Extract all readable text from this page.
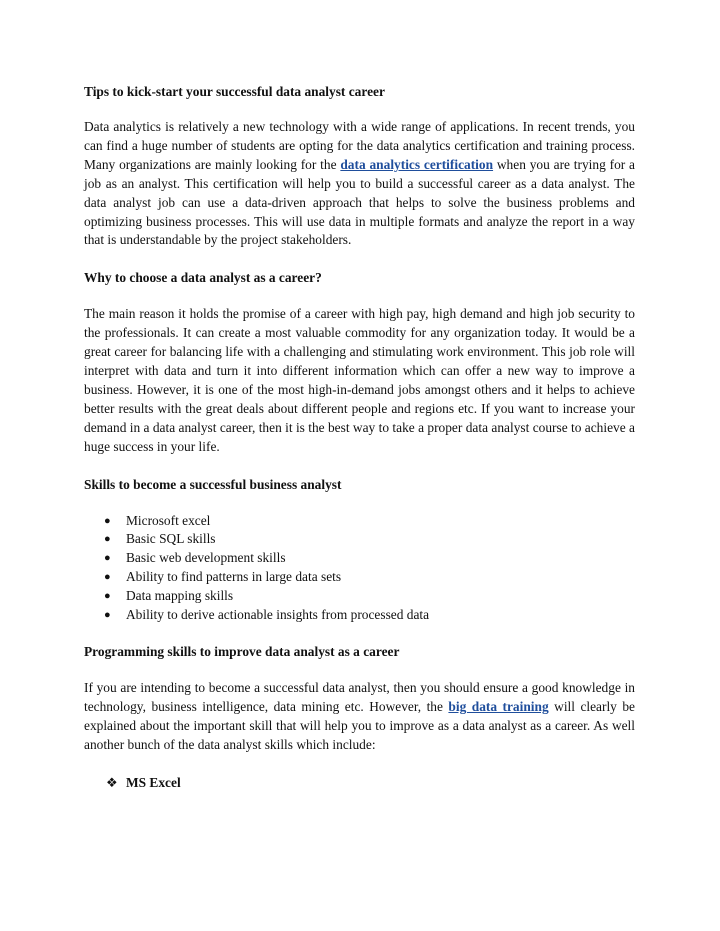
Tips to kick-start your successful data analyst career

Data analytics is relatively a new technology with a wide range of applications. In recent trends, you can find a huge number of students are opting for the data analytics certification and training process. Many organizations are mainly looking for the data analytics certification when you are trying for a job as an analyst. This certification will help you to build a successful career as a data analyst. The data analyst job can use a data-driven approach that helps to solve the business problems and optimizing business processes. This will use data in multiple formats and analyze the report in a way that is understandable by the project stakeholders.

Why to choose a data analyst as a career?

The main reason it holds the promise of a career with high pay, high demand and high job security to the professionals. It can create a most valuable commodity for any organization today. It would be a great career for balancing life with a challenging and stimulating work environment. This job role will interpret with data and turn it into different information which can offer a new way to improve a business. However, it is one of the most high-in-demand jobs amongst others and it helps to achieve better results with the great deals about different people and regions etc. If you want to increase your demand in a data analyst career, then it is the best way to take a proper data analyst course to achieve a huge success in your life.

Skills to become a successful business analyst

● Microsoft excel
● Basic SQL skills
● Basic web development skills
● Ability to find patterns in large data sets
● Data mapping skills
● Ability to derive actionable insights from processed data

Programming skills to improve data analyst as a career

If you are intending to become a successful data analyst, then you should ensure a good knowledge in technology, business intelligence, data mining etc. However, the big data training will clearly be explained about the important skill that will help you to improve as a data analyst as a career. As well another bunch of the data analyst skills which include:

❖ MS Excel
